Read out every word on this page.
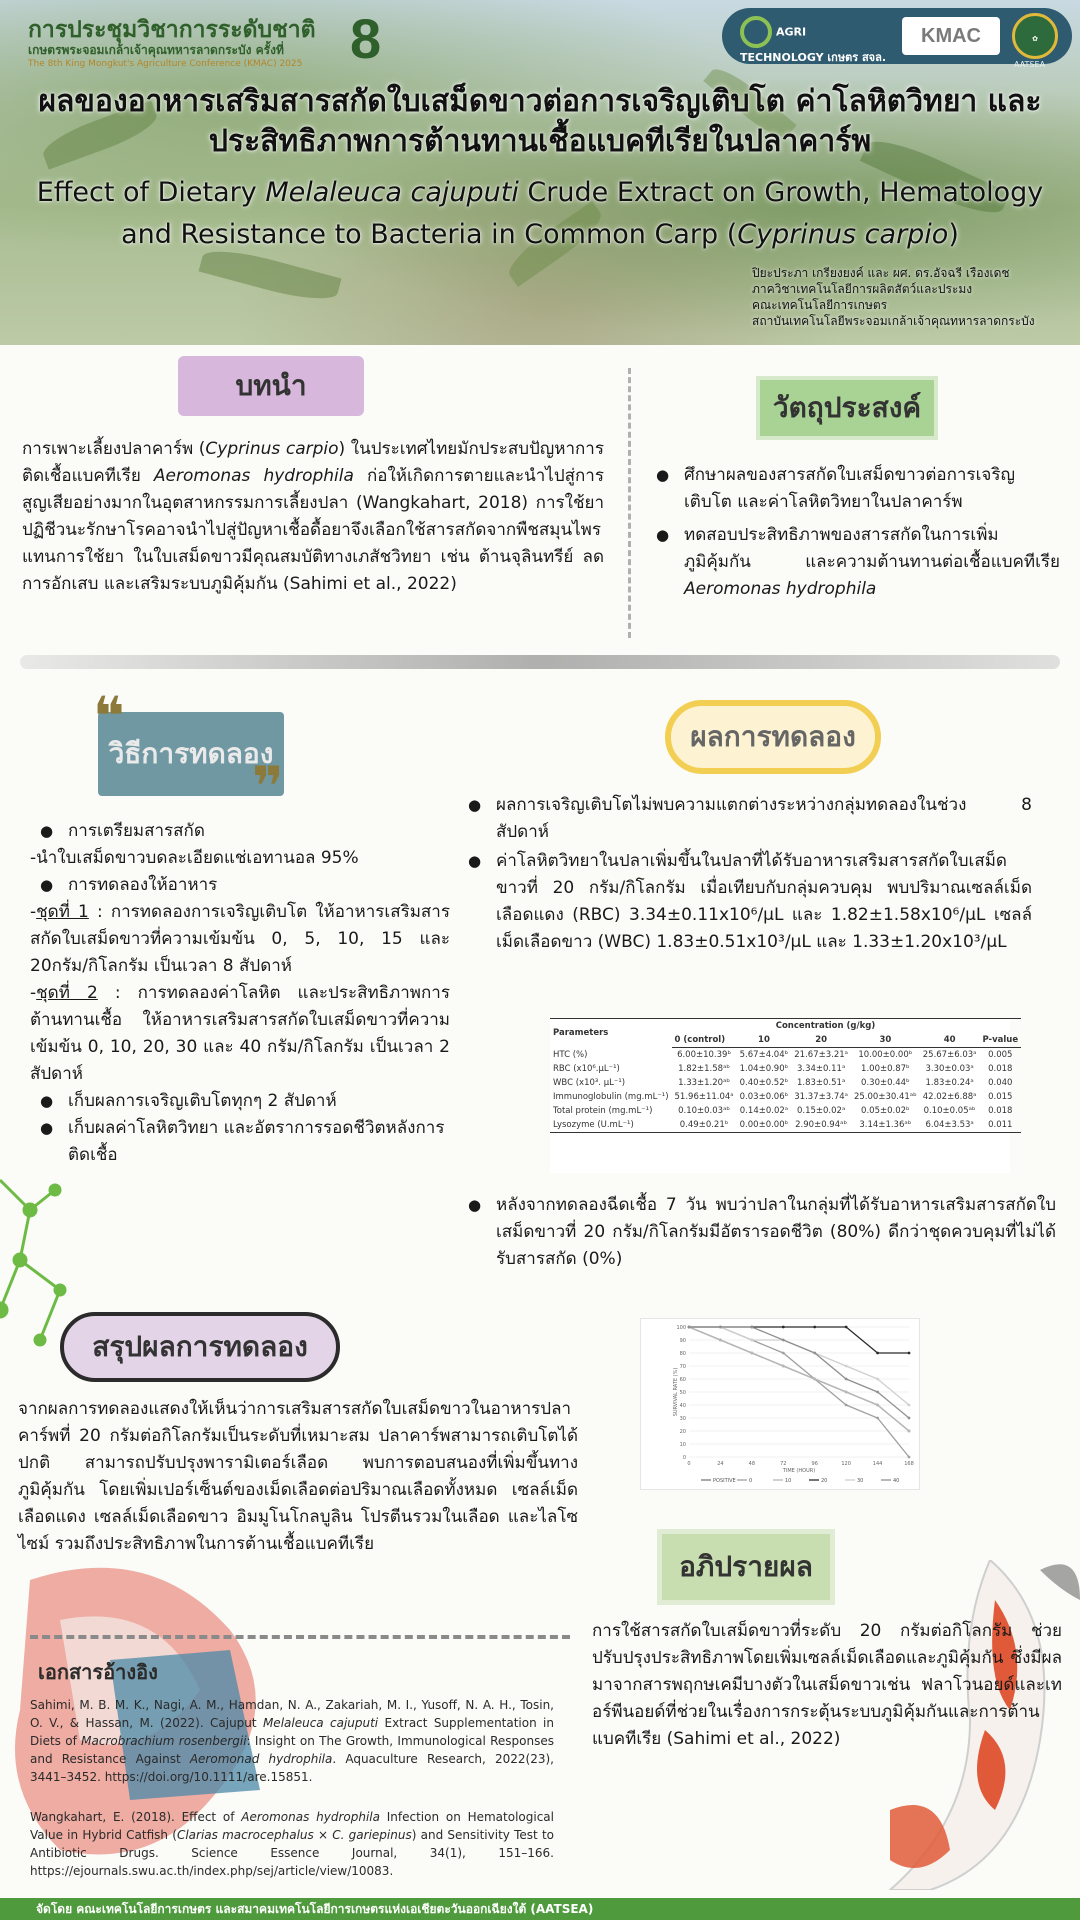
การประชุมวิชาการระดับชาติ
เกษตรพระจอมเกล้าเจ้าคุณทหารลาดกระบัง ครั้งที่
The 8th King Mongkut's Agriculture Conference (KMAC) 2025 8	AGRI TECHNOLOGY เกษตร สจล.
KMAC	✿
AATSEA
ผลของอาหารเสริมสารสกัดใบเสม็ดขาวต่อการเจริญเติบโต ค่าโลหิตวิทยา และ
ประสิทธิภาพการต้านทานเชื้อแบคทีเรียในปลาคาร์พ
Effect of Dietary Melaleuca cajuputi Crude Extract on Growth, Hematology
and Resistance to Bacteria in Common Carp (Cyprinus carpio)
ปิยะประภา เกรียงยงค์ และ ผศ. ดร.อัจฉรี เรืองเดช
ภาควิชาเทคโนโลยีการผลิตสัตว์และประมง
คณะเทคโนโลยีการเกษตร
สถาบันเทคโนโลยีพระจอมเกล้าเจ้าคุณทหารลาดกระบัง
บทนำ
การเพาะเลี้ยงปลาคาร์พ (Cyprinus carpio) ในประเทศไทยมักประสบปัญหาการติดเชื้อแบคทีเรีย Aeromonas hydrophila ก่อให้เกิดการตายและนำไปสู่การสูญเสียอย่างมากในอุตสาหกรรมการเลี้ยงปลา (Wangkahart, 2018) การใช้ยาปฏิชีวนะรักษาโรคอาจนำไปสู่ปัญหาเชื้อดื้อยาจึงเลือกใช้สารสกัดจากพืชสมุนไพรแทนการใช้ยา ในใบเสม็ดขาวมีคุณสมบัติทางเภสัชวิทยา เช่น ต้านจุลินทรีย์ ลดการอักเสบ และเสริมระบบภูมิคุ้มกัน (Sahimi et al., 2022)
วัตถุประสงค์
● ศึกษาผลของสารสกัดใบเสม็ดขาวต่อการเจริญเติบโต และค่าโลหิตวิทยาในปลาคาร์พ
● ทดสอบประสิทธิภาพของสารสกัดในการเพิ่มภูมิคุ้มกัน และความต้านทานต่อเชื้อแบคทีเรีย Aeromonas hydrophila
วิธีการทดลอง
❝
❞
● การเตรียมสารสกัด
-นำใบเสม็ดขาวบดละเอียดแช่เอทานอล 95%
● การทดลองให้อาหาร
-ชุดที่ 1 : การทดลองการเจริญเติบโต ให้อาหารเสริมสารสกัดใบเสม็ดขาวที่ความเข้มข้น 0, 5, 10, 15 และ 20กรัม/กิโลกรัม เป็นเวลา 8 สัปดาห์
-ชุดที่ 2 : การทดลองค่าโลหิต และประสิทธิภาพการต้านทานเชื้อ ให้อาหารเสริมสารสกัดใบเสม็ดขาวที่ความเข้มข้น 0, 10, 20, 30 และ 40 กรัม/กิโลกรัม เป็นเวลา 2 สัปดาห์
● เก็บผลการเจริญเติบโตทุกๆ 2 สัปดาห์
● เก็บผลค่าโลหิตวิทยา และอัตราการรอดชีวิตหลังการติดเชื้อ
ผลการทดลอง
● ผลการเจริญเติบโตไม่พบความแตกต่างระหว่างกลุ่มทดลองในช่วง 8 สัปดาห์
● ค่าโลหิตวิทยาในปลาเพิ่มขึ้นในปลาที่ได้รับอาหารเสริมสารสกัดใบเสม็ดขาวที่ 20 กรัม/กิโลกรัม เมื่อเทียบกับกลุ่มควบคุม พบปริมาณเซลล์เม็ดเลือดแดง (RBC) 3.34±0.11x10⁶/µL และ 1.82±1.58x10⁶/µL เซลล์เม็ดเลือดขาว (WBC) 1.83±0.51x10³/µL และ 1.33±1.20x10³/µL
Parameters	Concentration (g/kg)					
	0 (control)	10	20	30	40	P-value
HTC (%)	6.00±10.39ᵇ	5.67±4.04ᵇ	21.67±3.21ᵃ	10.00±0.00ᵇ	25.67±6.03ᵃ	0.005
RBC (x10⁶.µL⁻¹)	1.82±1.58ᵃᵇ	1.04±0.90ᵇ	3.34±0.11ᵃ	1.00±0.87ᵇ	3.30±0.03ᵃ	0.018
WBC (x10³. µL⁻¹)	1.33±1.20ᵃᵇ	0.40±0.52ᵇ	1.83±0.51ᵃ	0.30±0.44ᵇ	1.83±0.24ᵃ	0.040
Immunoglobulin (mg.mL⁻¹)	51.96±11.04ᵃ	0.03±0.06ᵇ	31.37±3.74ᵃ	25.00±30.41ᵃᵇ	42.02±6.88ᵃ	0.015
Total protein (mg.mL⁻¹)	0.10±0.03ᵃᵇ	0.14±0.02ᵃ	0.15±0.02ᵃ	0.05±0.02ᵇ	0.10±0.05ᵃᵇ	0.018
Lysozyme (U.mL⁻¹)	0.49±0.21ᵇ	0.00±0.00ᵇ	2.90±0.94ᵃᵇ	3.14±1.36ᵃᵇ	6.04±3.53ᵃ	0.011
● หลังจากทดลองฉีดเชื้อ 7 วัน พบว่าปลาในกลุ่มที่ได้รับอาหารเสริมสารสกัดใบเสม็ดขาวที่ 20 กรัม/กิโลกรัมมีอัตรารอดชีวิต (80%) ดีกว่าชุดควบคุมที่ไม่ได้รับสารสกัด (0%)
0
10
20
30
40
50
60
70
80
90
100
0	24	48	72	96	120	144	168
SURVIVAL RATE (%)
TIME (HOUR)
POSITIVE	0	10	20	30	40
สรุปผลการทดลอง
จากผลการทดลองแสดงให้เห็นว่าการเสริมสารสกัดใบเสม็ดขาวในอาหารปลาคาร์พที่ 20 กรัมต่อกิโลกรัมเป็นระดับที่เหมาะสม ปลาคาร์พสามารถเติบโตได้ปกติ สามารถปรับปรุงพารามิเตอร์เลือด พบการตอบสนองที่เพิ่มขึ้นทางภูมิคุ้มกัน โดยเพิ่มเปอร์เซ็นต์ของเม็ดเลือดต่อปริมาณเลือดทั้งหมด เซลล์เม็ดเลือดแดง เซลล์เม็ดเลือดขาว อิมมูโนโกลบูลิน โปรตีนรวมในเลือด และไลโซไซม์ รวมถึงประสิทธิภาพในการต้านเชื้อแบคทีเรีย
อภิปรายผล
การใช้สารสกัดใบเสม็ดขาวที่ระดับ 20 กรัมต่อกิโลกรัม ช่วยปรับปรุงประสิทธิภาพโดยเพิ่มเซลล์เม็ดเลือดและภูมิคุ้มกัน ซึ่งมีผลมาจากสารพฤกษเคมีบางตัวในเสม็ดขาวเช่น ฟลาโวนอยด์และเทอร์พีนอยด์ที่ช่วยในเรื่องการกระตุ้นระบบภูมิคุ้มกันและการต้านแบคทีเรีย (Sahimi et al., 2022)
เอกสารอ้างอิง
Sahimi, M. B. M. K., Nagi, A. M., Hamdan, N. A., Zakariah, M. I., Yusoff, N. A. H., Tosin, O. V., & Hassan, M. (2022). Cajuput Melaleuca cajuputi Extract Supplementation in Diets of Macrobrachium rosenbergii: Insight on The Growth, Immunological Responses and Resistance Against Aeromonad hydrophila. Aquaculture Research, 2022(23), 3441–3452. https://doi.org/10.1111/are.15851.
Wangkahart, E. (2018). Effect of Aeromonas hydrophila Infection on Hematological Value in Hybrid Catfish (Clarias macrocephalus × C. gariepinus) and Sensitivity Test to Antibiotic Drugs. Science Essence Journal, 34(1), 151–166. https://ejournals.swu.ac.th/index.php/sej/article/view/10083.
จัดโดย คณะเทคโนโลยีการเกษตร และสมาคมเทคโนโลยีการเกษตรแห่งเอเชียตะวันออกเฉียงใต้ (AATSEA)
